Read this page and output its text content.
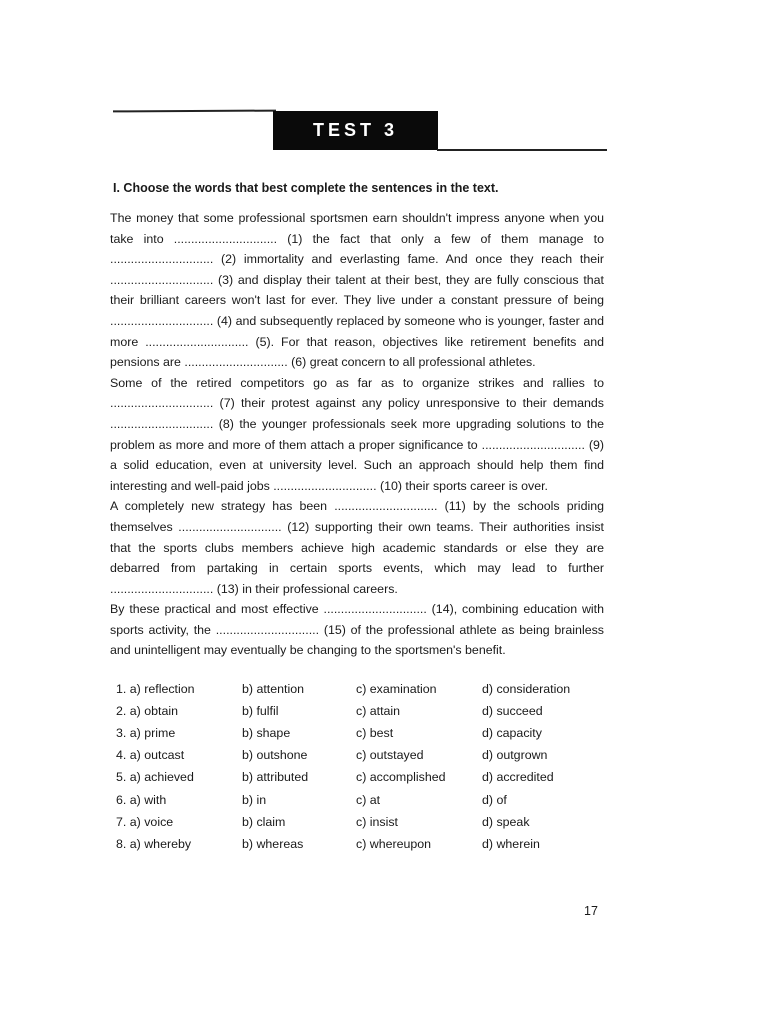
TEST 3
I. Choose the words that best complete the sentences in the text.
The money that some professional sportsmen earn shouldn't impress anyone when you
take into .............................. (1) the fact that only a few of them manage to
.............................. (2) immortality and everlasting fame. And once they reach their
.............................. (3) and display their talent at their best, they are fully conscious that
their brilliant careers won't last for ever. They live under a constant pressure of being
.............................. (4) and subsequently replaced by someone who is younger, faster and
more .............................. (5). For that reason, objectives like retirement benefits and
pensions are .............................. (6) great concern to all professional athletes.
Some of the retired competitors go as far as to organize strikes and rallies to
.............................. (7) their protest against any policy unresponsive to their demands
.............................. (8) the younger professionals seek more upgrading solutions to the
problem as more and more of them attach a proper significance to .............................. (9)
a solid education, even at university level. Such an approach should help them find
interesting and well-paid jobs .............................. (10) their sports career is over.
A completely new strategy has been .............................. (11) by the schools priding
themselves .............................. (12) supporting their own teams. Their authorities insist
that the sports clubs members achieve high academic standards or else they are
debarred from partaking in certain sports events, which may lead to further
.............................. (13) in their professional careers.
By these practical and most effective .............................. (14), combining education with
sports activity, the .............................. (15) of the professional athlete as being brainless
and unintelligent may eventually be changing to the sportsmen's benefit.
1. a) reflection	b) attention	c) examination	d) consideration
2. a) obtain	b) fulfil	c) attain	d) succeed
3. a) prime	b) shape	c) best	d) capacity
4. a) outcast	b) outshone	c) outstayed	d) outgrown
5. a) achieved	b) attributed	c) accomplished	d) accredited
6. a) with	b) in	c) at	d) of
7. a) voice	b) claim	c) insist	d) speak
8. a) whereby	b) whereas	c) whereupon	d) wherein
17
